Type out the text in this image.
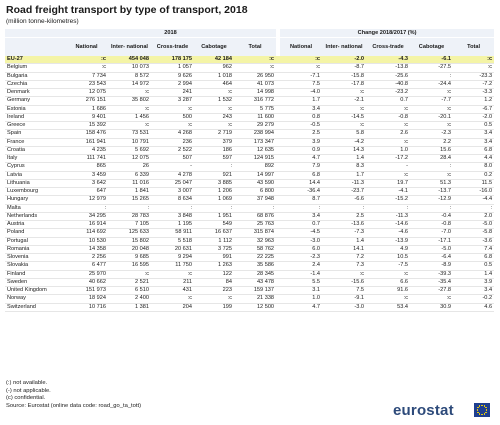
Road freight transport by type of transport, 2018
(million tonne-kilometres)
	2018						Change 2018/2017 (%)				
	National	Inter- national	Cross-trade	Cabotage	Total		National	Inter- national	Cross-trade	Cabotage	Total
EU-27	:c	454 048	178 175	42 184	:c		:c	-2.0	-4.3	-6.1	:c
Belgium	:c	10 073	1 057	962	:c		:c	-8.7	-13.8	-27.5	:c
Bulgaria	7 734	8 572	9 626	1 018	26 950		-7.1	-15.8	-25.6	:	-23.3
Czechia	23 543	14 972	2 994	464	41 073		7.5	-17.8	-40.8	-24.4	-7.2
Denmark	12 075	:c	241	:c	14 998		-4.0	:c	-23.2	:c	-3.3
Germany	276 151	35 802	3 287	1 532	316 772		1.7	-2.1	0.7	-7.7	1.2
Estonia	1 686	:c	:c	:c	5 775		3.4	:c	:c	:c	-6.7
Ireland	9 401	1 456	500	243	11 600		0.8	-14.5	-0.8	-20.1	-2.0
Greece	15 392	:c	:c	:c	29 279		-0.5	:c	:c	:c	0.5
Spain	158 476	73 531	4 268	2 719	238 994		2.5	5.8	2.6	-2.3	3.4
France	161 941	10 791	236	379	173 347		3.9	-4.2	:c	2.2	3.4
Croatia	4 235	5 692	2 522	186	12 635		0.9	14.3	1.0	15.6	6.8
Italy	111 741	12 075	507	597	124 915		4.7	1.4	-17.2	28.4	4.4
Cyprus	865	26	-	:	892		7.9	8.3	-	:	8.0
Latvia	3 459	6 339	4 278	921	14 997		6.8	1.7	:c	:c	0.2
Lithuania	3 642	11 016	25 047	3 885	43 590		14.4	-11.3	19.7	51.3	11.5
Luxembourg	647	1 841	3 007	1 206	6 800		-36.4	-23.7	-4.1	-13.7	-16.0
Hungary	12 979	15 265	8 634	1 069	37 948		8.7	-6.6	-15.2	-12.9	-4.4
Malta	:	:	:	:	:		:	:	:	:	:
Netherlands	34 295	28 783	3 848	1 951	68 876		3.4	2.5	-11.3	-0.4	2.0
Austria	16 914	7 105	1 195	549	25 763		0.7	-13.6	-14.6	-0.8	-5.0
Poland	114 692	125 633	58 911	16 637	315 874		-4.5	-7.3	-4.6	-7.0	-5.8
Portugal	10 530	15 802	5 518	1 112	32 963		-3.0	1.4	-13.9	-17.1	-3.6
Romania	14 358	20 048	20 631	3 725	58 762		6.0	14.1	4.9	-5.0	7.4
Slovenia	2 256	9 685	9 294	991	22 225		-2.3	7.2	10.5	-6.4	6.8
Slovakia	6 477	16 595	11 750	1 263	35 586		2.4	7.3	-7.5	-8.9	0.5
Finland	25 970	:c	:c	122	28 345		-1.4	:c	:c	-39.3	1.4
Sweden	40 662	2 521	211	84	43 478		5.5	-15.6	6.6	-35.4	3.9
United Kingdom	151 973	6 510	431	223	159 137		3.1	7.5	91.6	-27.8	3.4
Norway	18 924	2 400	:c	:c	21 338		1.0	-9.1	:c	:c	-0.2
Switzerland	10 716	1 381	204	199	12 500		4.7	-3.0	53.4	30.9	4.6
(:) not available.
(-) not applicable.
(c) confidential.
Source: Eurostat (online data code: road_go_ta_tott)	eurostat
